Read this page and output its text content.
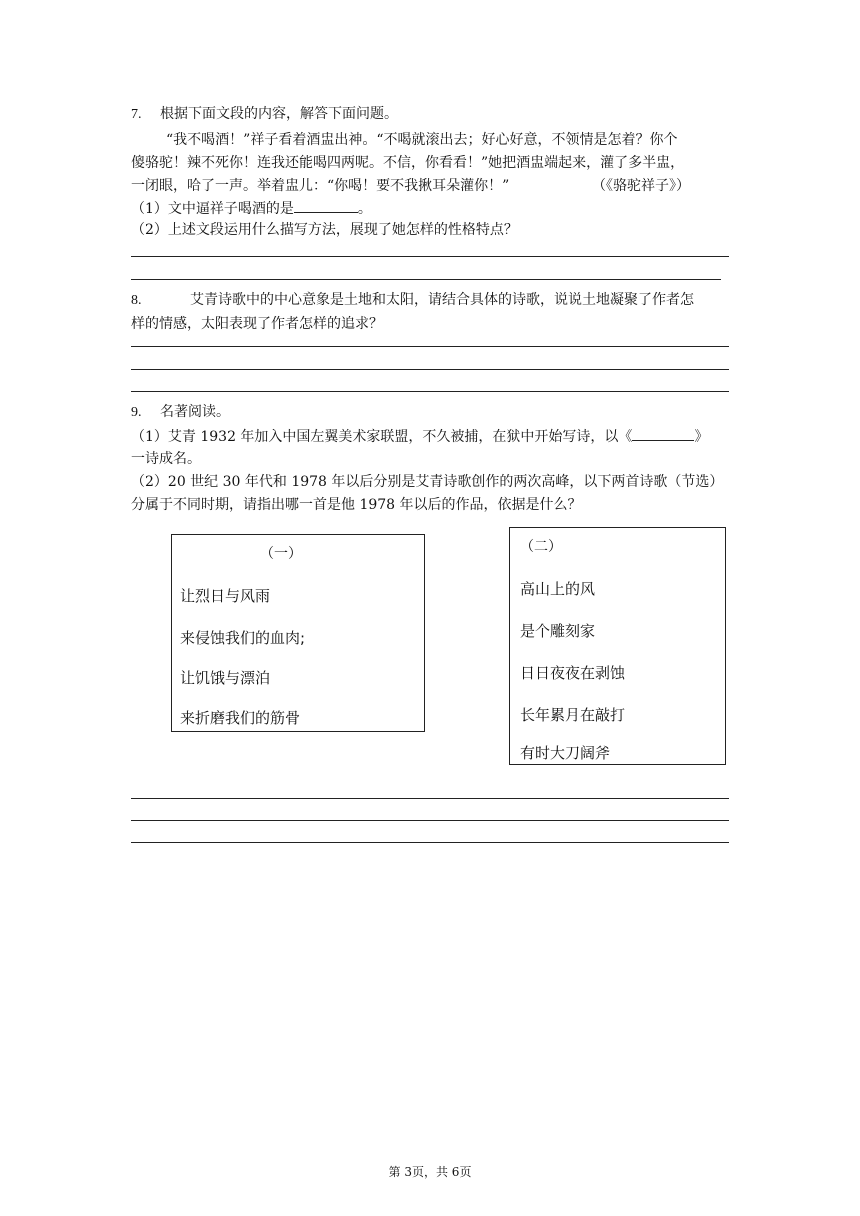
7. 根据下面文段的内容，解答下面问题。
“我不喝酒！”祥子看着酒盅出神。“不喝就滚出去；好心好意，不领情是怎着？你个
傻骆驼！辣不死你！连我还能喝四两呢。不信，你看看！”她把酒盅端起来，灌了多半盅，
一闭眼，哈了一声。举着盅儿：“你喝！要不我揪耳朵灌你！”	（《骆驼祥子》）
（1）文中逼祥子喝酒的是	。
（2）上述文段运用什么描写方法，展现了她怎样的性格特点？
8.	艾青诗歌中的中心意象是土地和太阳，请结合具体的诗歌，说说土地凝聚了作者怎
样的情感，太阳表现了作者怎样的追求？
9. 名著阅读。
（1）艾青 1932 年加入中国左翼美术家联盟，不久被捕，在狱中开始写诗，以《	》
一诗成名。
（2）20 世纪 30 年代和 1978 年以后分别是艾青诗歌创作的两次高峰，以下两首诗歌（节选）
分属于不同时期，请指出哪一首是他 1978 年以后的作品，依据是什么？
（一）
让烈日与风雨
来侵蚀我们的血肉;
让饥饿与漂泊
来折磨我们的筋骨
（二）
高山上的风
是个雕刻家
日日夜夜在剥蚀
长年累月在敲打
有时大刀阔斧
第 3页，共 6页
